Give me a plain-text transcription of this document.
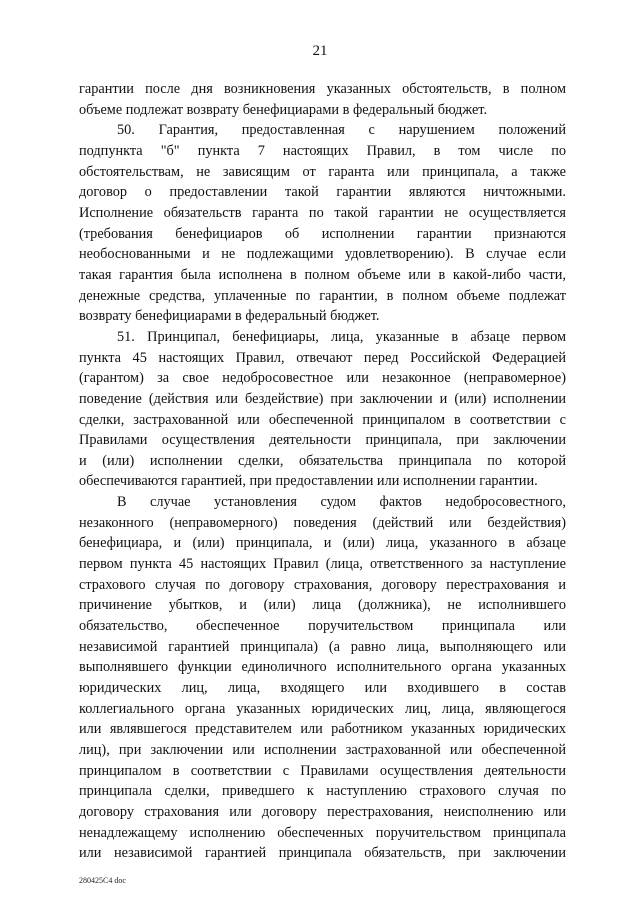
21
гарантии после дня возникновения указанных обстоятельств, в полном
объеме подлежат возврату бенефициарами в федеральный бюджет.
50. Гарантия, предоставленная с нарушением положений
подпункта "б" пункта 7 настоящих Правил, в том числе по
обстоятельствам, не зависящим от гаранта или принципала, а также
договор о предоставлении такой гарантии являются ничтожными.
Исполнение обязательств гаранта по такой гарантии не осуществляется
(требования бенефициаров об исполнении гарантии признаются
необоснованными и не подлежащими удовлетворению). В случае если
такая гарантия была исполнена в полном объеме или в какой-либо части,
денежные средства, уплаченные по гарантии, в полном объеме подлежат
возврату бенефициарами в федеральный бюджет.
51. Принципал, бенефициары, лица, указанные в абзаце первом
пункта 45 настоящих Правил, отвечают перед Российской Федерацией
(гарантом) за свое недобросовестное или незаконное (неправомерное)
поведение (действия или бездействие) при заключении и (или) исполнении
сделки, застрахованной или обеспеченной принципалом в соответствии с
Правилами осуществления деятельности принципала, при заключении
и (или) исполнении сделки, обязательства принципала по которой
обеспечиваются гарантией, при предоставлении или исполнении гарантии.
В случае установления судом фактов недобросовестного,
незаконного (неправомерного) поведения (действий или бездействия)
бенефициара, и (или) принципала, и (или) лица, указанного в абзаце
первом пункта 45 настоящих Правил (лица, ответственного за наступление
страхового случая по договору страхования, договору перестрахования и
причинение убытков, и (или) лица (должника), не исполнившего
обязательство, обеспеченное поручительством принципала или
независимой гарантией принципала) (а равно лица, выполняющего или
выполнявшего функции единоличного исполнительного органа указанных
юридических лиц, лица, входящего или входившего в состав
коллегиального органа указанных юридических лиц, лица, являющегося
или являвшегося представителем или работником указанных юридических
лиц), при заключении или исполнении застрахованной или обеспеченной
принципалом в соответствии с Правилами осуществления деятельности
принципала сделки, приведшего к наступлению страхового случая по
договору страхования или договору перестрахования, неисполнению или
ненадлежащему исполнению обеспеченных поручительством принципала
или независимой гарантией принципала обязательств, при заключении
280425C4 doc
